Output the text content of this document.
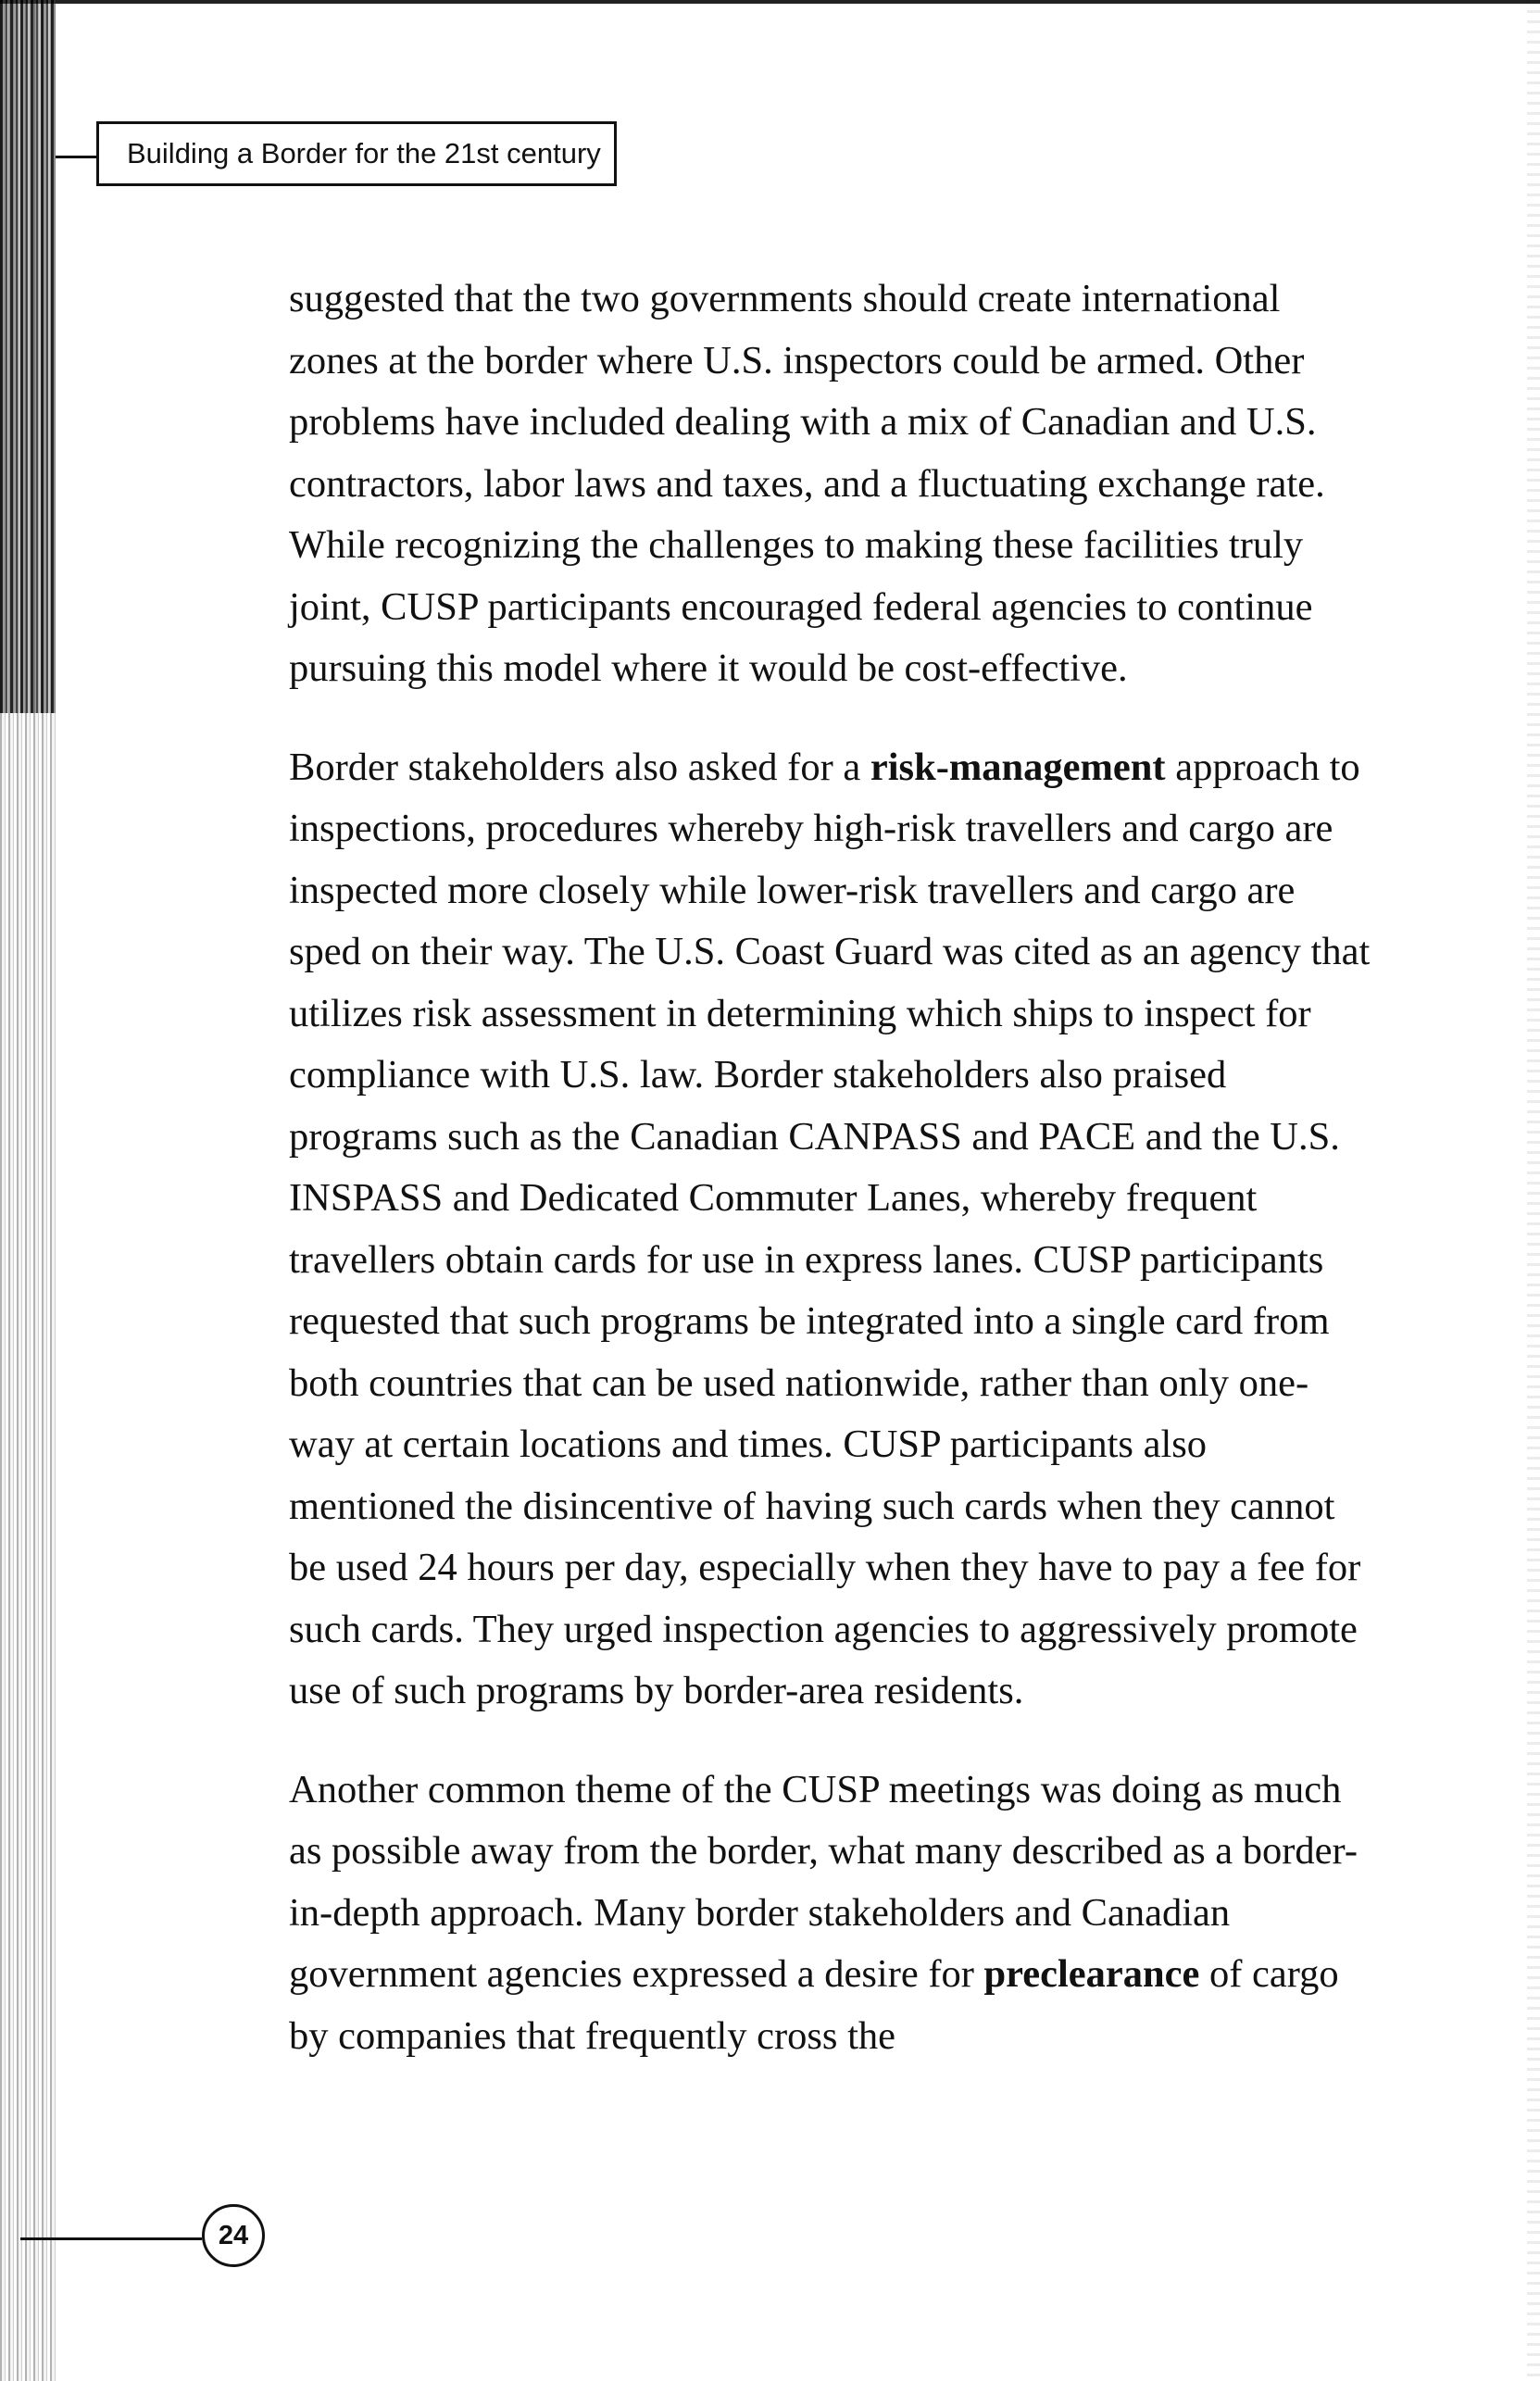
Building a Border for the 21st century

suggested that the two governments should create international zones at the border where U.S. inspectors could be armed. Other problems have included dealing with a mix of Canadian and U.S. contractors, labor laws and taxes, and a fluctuating exchange rate. While recognizing the challenges to making these facilities truly joint, CUSP participants encouraged federal agencies to continue pursuing this model where it would be cost-effective.

Border stakeholders also asked for a risk-management approach to inspections, procedures whereby high-risk travellers and cargo are inspected more closely while lower-risk travellers and cargo are sped on their way. The U.S. Coast Guard was cited as an agency that utilizes risk assessment in determining which ships to inspect for compliance with U.S. law. Border stakeholders also praised programs such as the Canadian CANPASS and PACE and the U.S. INSPASS and Dedicated Commuter Lanes, whereby frequent travellers obtain cards for use in express lanes. CUSP participants requested that such programs be integrated into a single card from both countries that can be used nationwide, rather than only one-way at certain locations and times. CUSP participants also mentioned the disincentive of having such cards when they cannot be used 24 hours per day, especially when they have to pay a fee for such cards. They urged inspection agencies to aggressively promote use of such programs by border-area residents.

Another common theme of the CUSP meetings was doing as much as possible away from the border, what many described as a border-in-depth approach. Many border stakeholders and Canadian government agencies expressed a desire for preclearance of cargo by companies that frequently cross the

24
